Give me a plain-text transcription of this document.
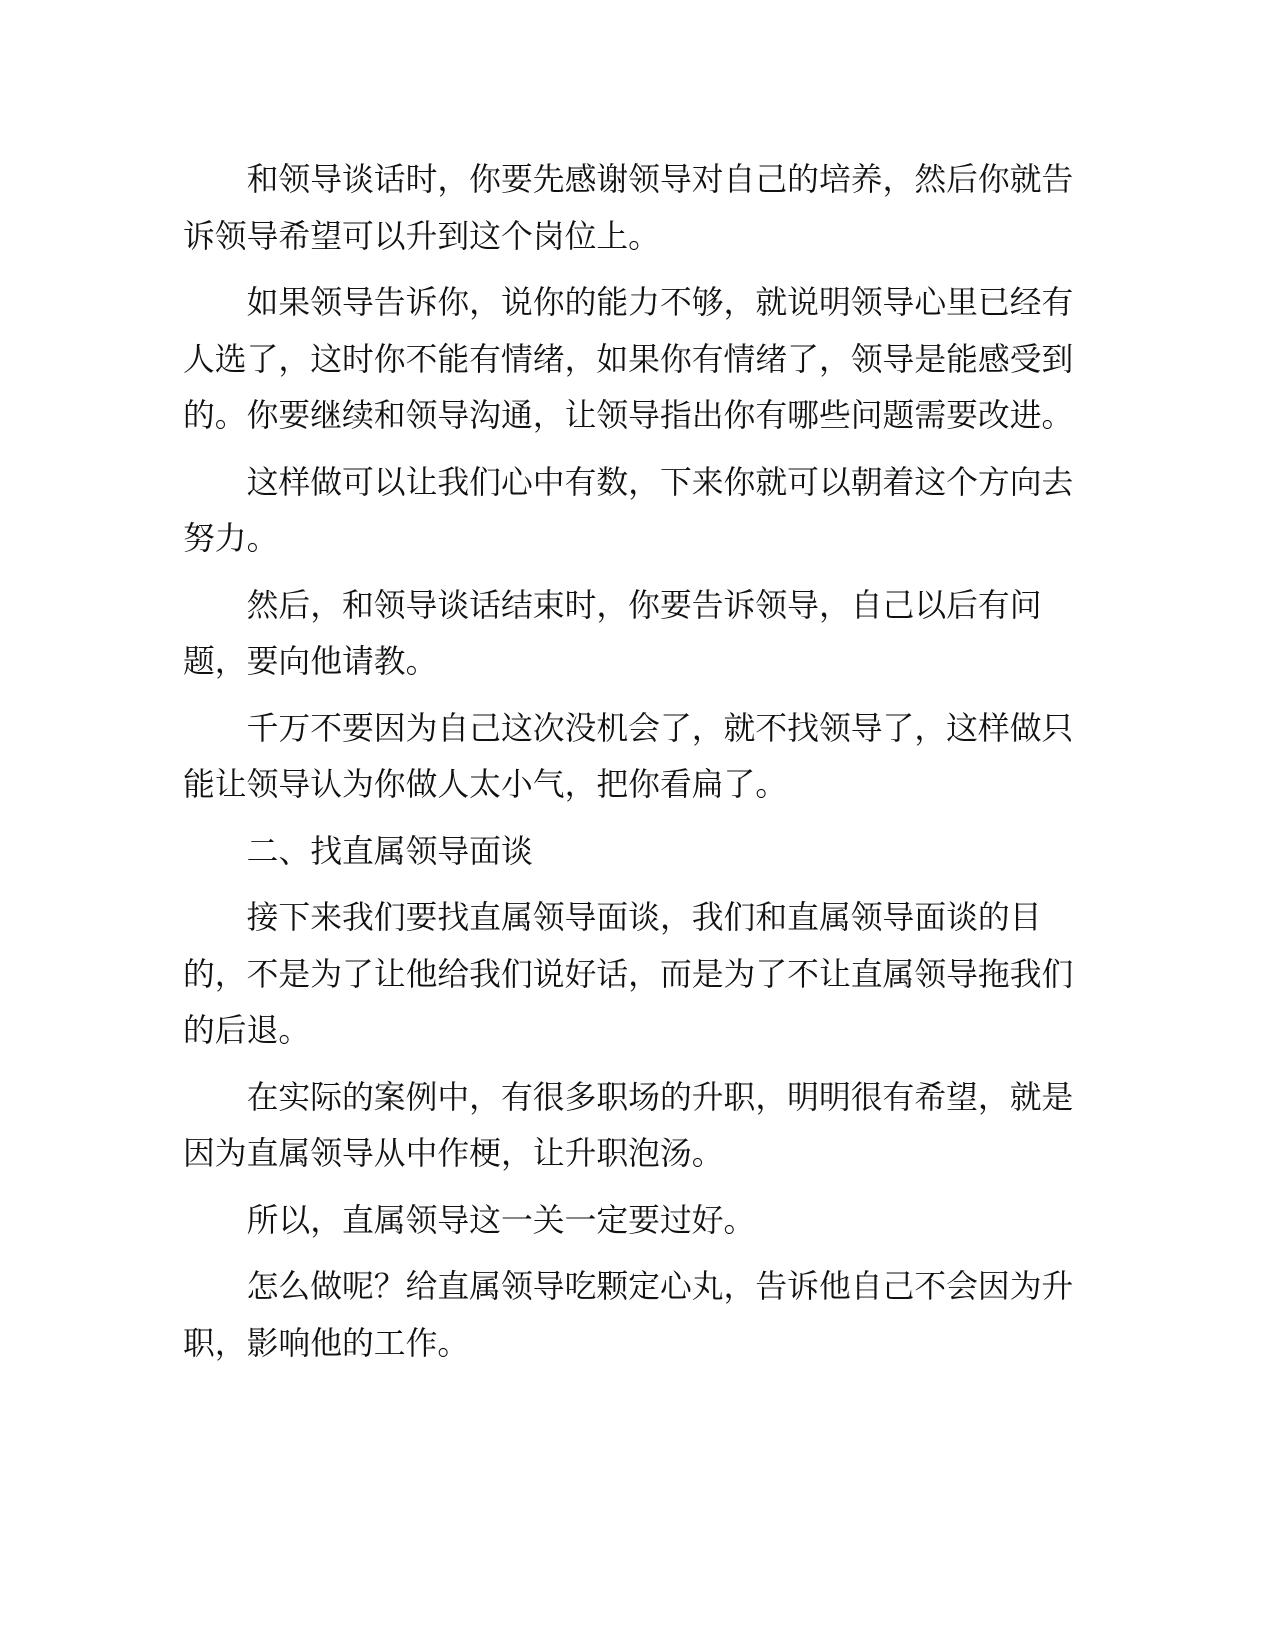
和领导谈话时，你要先感谢领导对自己的培养，然后你就告诉领导希望可以升到这个岗位上。

如果领导告诉你，说你的能力不够，就说明领导心里已经有人选了，这时你不能有情绪，如果你有情绪了，领导是能感受到的。你要继续和领导沟通，让领导指出你有哪些问题需要改进。

这样做可以让我们心中有数，下来你就可以朝着这个方向去努力。

然后，和领导谈话结束时，你要告诉领导，自己以后有问题，要向他请教。

千万不要因为自己这次没机会了，就不找领导了，这样做只能让领导认为你做人太小气，把你看扁了。

二、找直属领导面谈

接下来我们要找直属领导面谈，我们和直属领导面谈的目的，不是为了让他给我们说好话，而是为了不让直属领导拖我们的后退。

在实际的案例中，有很多职场的升职，明明很有希望，就是因为直属领导从中作梗，让升职泡汤。

所以，直属领导这一关一定要过好。

怎么做呢？给直属领导吃颗定心丸，告诉他自己不会因为升职，影响他的工作。
